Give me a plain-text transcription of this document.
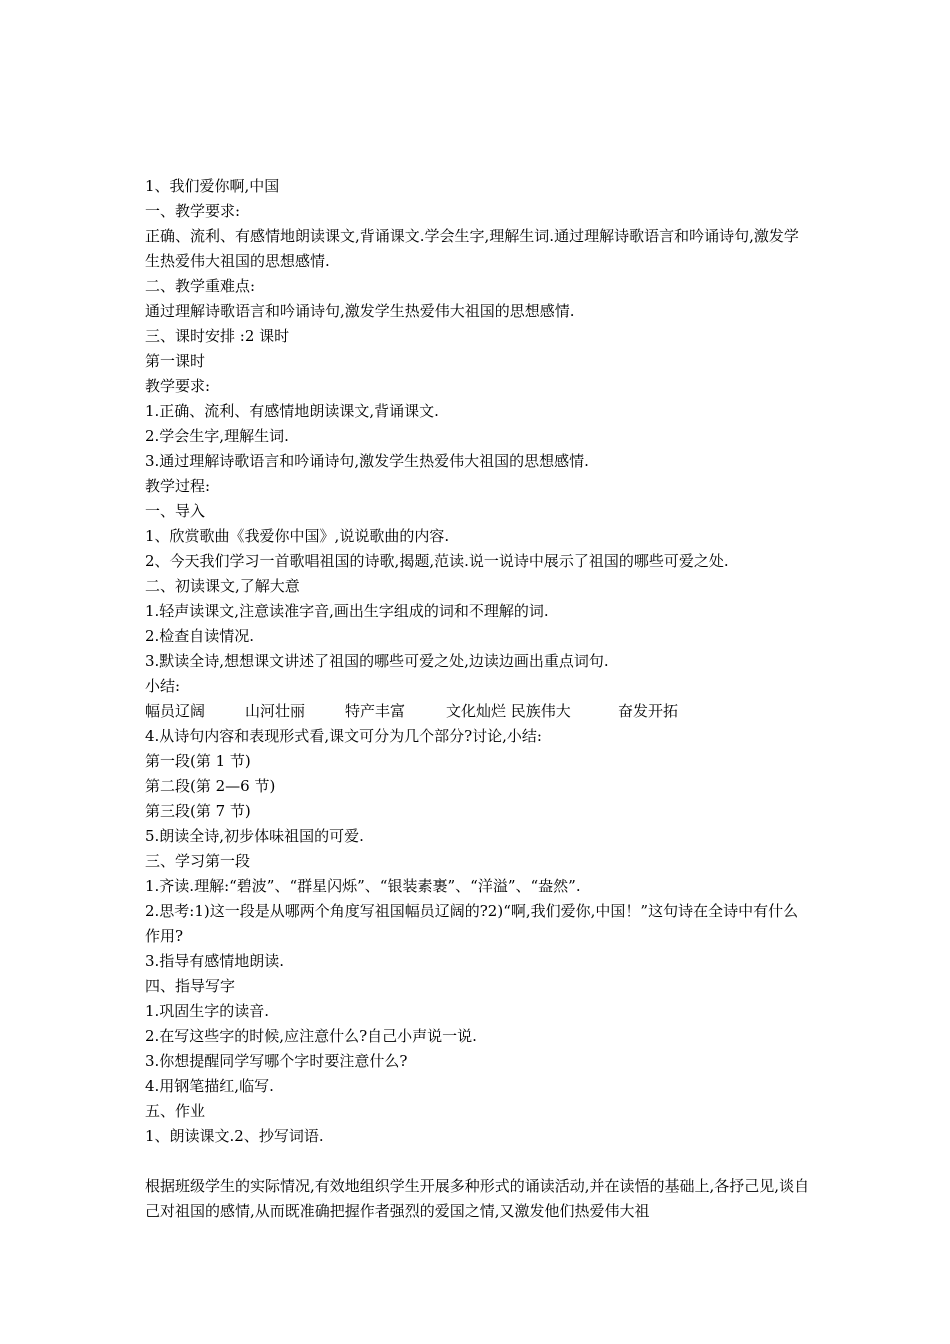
1、我们爱你啊,中国
一、教学要求:
正确、流利、有感情地朗读课文,背诵课文.学会生字,理解生词.通过理解诗歌语言和吟诵诗句,激发学生热爱伟大祖国的思想感情.
二、教学重难点:
通过理解诗歌语言和吟诵诗句,激发学生热爱伟大祖国的思想感情.
三、课时安排 :2 课时
第一课时
教学要求:
1.正确、流利、有感情地朗读课文,背诵课文.
2.学会生字,理解生词.
3.通过理解诗歌语言和吟诵诗句,激发学生热爱伟大祖国的思想感情.
教学过程:
一、导入
1、欣赏歌曲《我爱你中国》,说说歌曲的内容.
2、今天我们学习一首歌唱祖国的诗歌,揭题,范读.说一说诗中展示了祖国的哪些可爱之处.
二、初读课文,了解大意
1.轻声读课文,注意读准字音,画出生字组成的词和不理解的词.
2.检查自读情况.
3.默读全诗,想想课文讲述了祖国的哪些可爱之处,边读边画出重点词句.
小结:
幅员辽阔	山河壮丽	特产丰富	文化灿烂 民族伟大	奋发开拓
4.从诗句内容和表现形式看,课文可分为几个部分?讨论,小结:
第一段(第 1 节)
第二段(第 2—6 节)
第三段(第 7 节)
5.朗读全诗,初步体味祖国的可爱.
三、学习第一段
1.齐读.理解:“碧波”、“群星闪烁”、“银装素裹”、“洋溢”、“盎然”.
2.思考:1)这一段是从哪两个角度写祖国幅员辽阔的?2)“啊,我们爱你,中国！”这句诗在全诗中有什么作用?
3.指导有感情地朗读.
四、指导写字
1.巩固生字的读音.
2.在写这些字的时候,应注意什么?自己小声说一说.
3.你想提醒同学写哪个字时要注意什么?
4.用钢笔描红,临写.
五、作业
1、朗读课文.2、抄写词语.
根据班级学生的实际情况,有效地组织学生开展多种形式的诵读活动,并在读悟的基础上,各抒己见,谈自己对祖国的感情,从而既准确把握作者强烈的爱国之情,又激发他们热爱伟大祖
